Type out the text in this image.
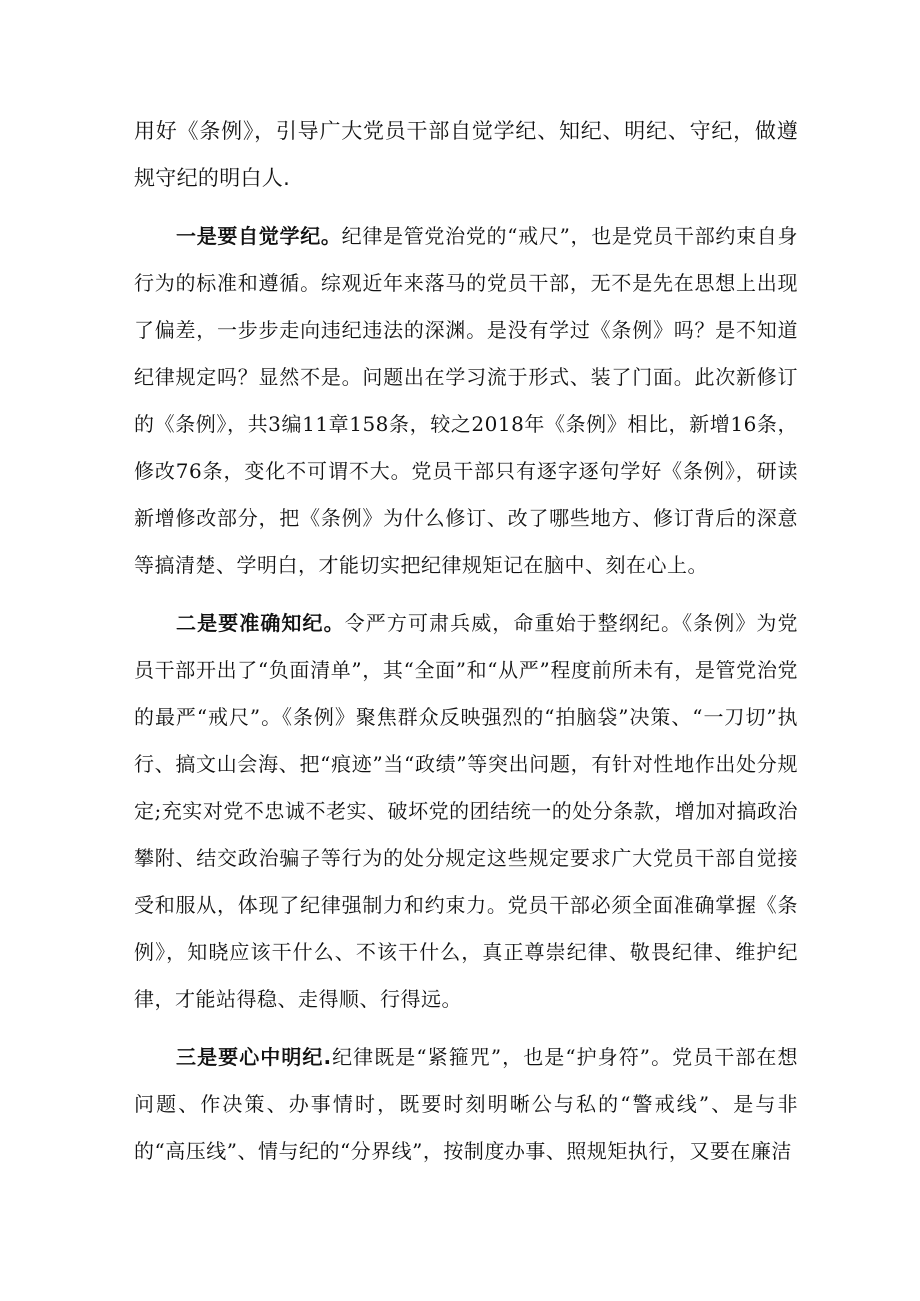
用好《条例》，引导广大党员干部自觉学纪、知纪、明纪、守纪，做遵规守纪的明白人.

一是要自觉学纪。纪律是管党治党的“戒尺”，也是党员干部约束自身行为的标准和遵循。综观近年来落马的党员干部，无不是先在思想上出现了偏差，一步步走向违纪违法的深渊。是没有学过《条例》吗？是不知道纪律规定吗？显然不是。问题出在学习流于形式、装了门面。此次新修订的《条例》，共3编11章158条，较之2018年《条例》相比，新增16条，修改76条，变化不可谓不大。党员干部只有逐字逐句学好《条例》，研读新增修改部分，把《条例》为什么修订、改了哪些地方、修订背后的深意等搞清楚、学明白，才能切实把纪律规矩记在脑中、刻在心上。

二是要准确知纪。令严方可肃兵威，命重始于整纲纪。《条例》为党员干部开出了“负面清单”，其“全面”和“从严”程度前所未有，是管党治党的最严“戒尺”。《条例》聚焦群众反映强烈的“拍脑袋”决策、“一刀切”执行、搞文山会海、把“痕迹”当“政绩”等突出问题，有针对性地作出处分规定;充实对党不忠诚不老实、破坏党的团结统一的处分条款，增加对搞政治攀附、结交政治骗子等行为的处分规定这些规定要求广大党员干部自觉接受和服从，体现了纪律强制力和约束力。党员干部必须全面准确掌握《条例》，知晓应该干什么、不该干什么，真正尊崇纪律、敬畏纪律、维护纪律，才能站得稳、走得顺、行得远。

三是要心中明纪.纪律既是“紧箍咒”，也是“护身符”。党员干部在想问题、作决策、办事情时，既要时刻明晰公与私的“警戒线”、是与非的“高压线”、情与纪的“分界线”，按制度办事、照规矩执行，又要在廉洁
